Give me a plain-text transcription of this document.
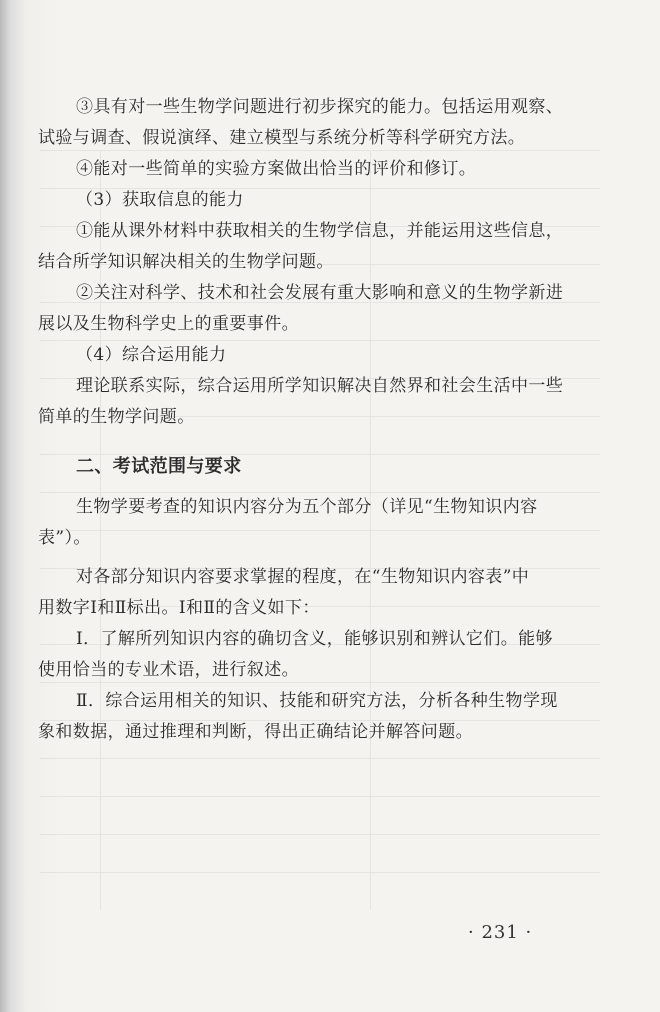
③具有对一些生物学问题进行初步探究的能力。包括运用观察、

试验与调查、假说演绎、建立模型与系统分析等科学研究方法。

④能对一些简单的实验方案做出恰当的评价和修订。

（3）获取信息的能力

①能从课外材料中获取相关的生物学信息，并能运用这些信息，

结合所学知识解决相关的生物学问题。

②关注对科学、技术和社会发展有重大影响和意义的生物学新进

展以及生物科学史上的重要事件。

（4）综合运用能力

理论联系实际，综合运用所学知识解决自然界和社会生活中一些

简单的生物学问题。

二、考试范围与要求

生物学要考查的知识内容分为五个部分（详见“生物知识内容

表”）。

对各部分知识内容要求掌握的程度，在“生物知识内容表”中

用数字Ⅰ和Ⅱ标出。Ⅰ和Ⅱ的含义如下：

Ⅰ．了解所列知识内容的确切含义，能够识别和辨认它们。能够

使用恰当的专业术语，进行叙述。

Ⅱ．综合运用相关的知识、技能和研究方法，分析各种生物学现

象和数据，通过推理和判断，得出正确结论并解答问题。

· 231 ·
